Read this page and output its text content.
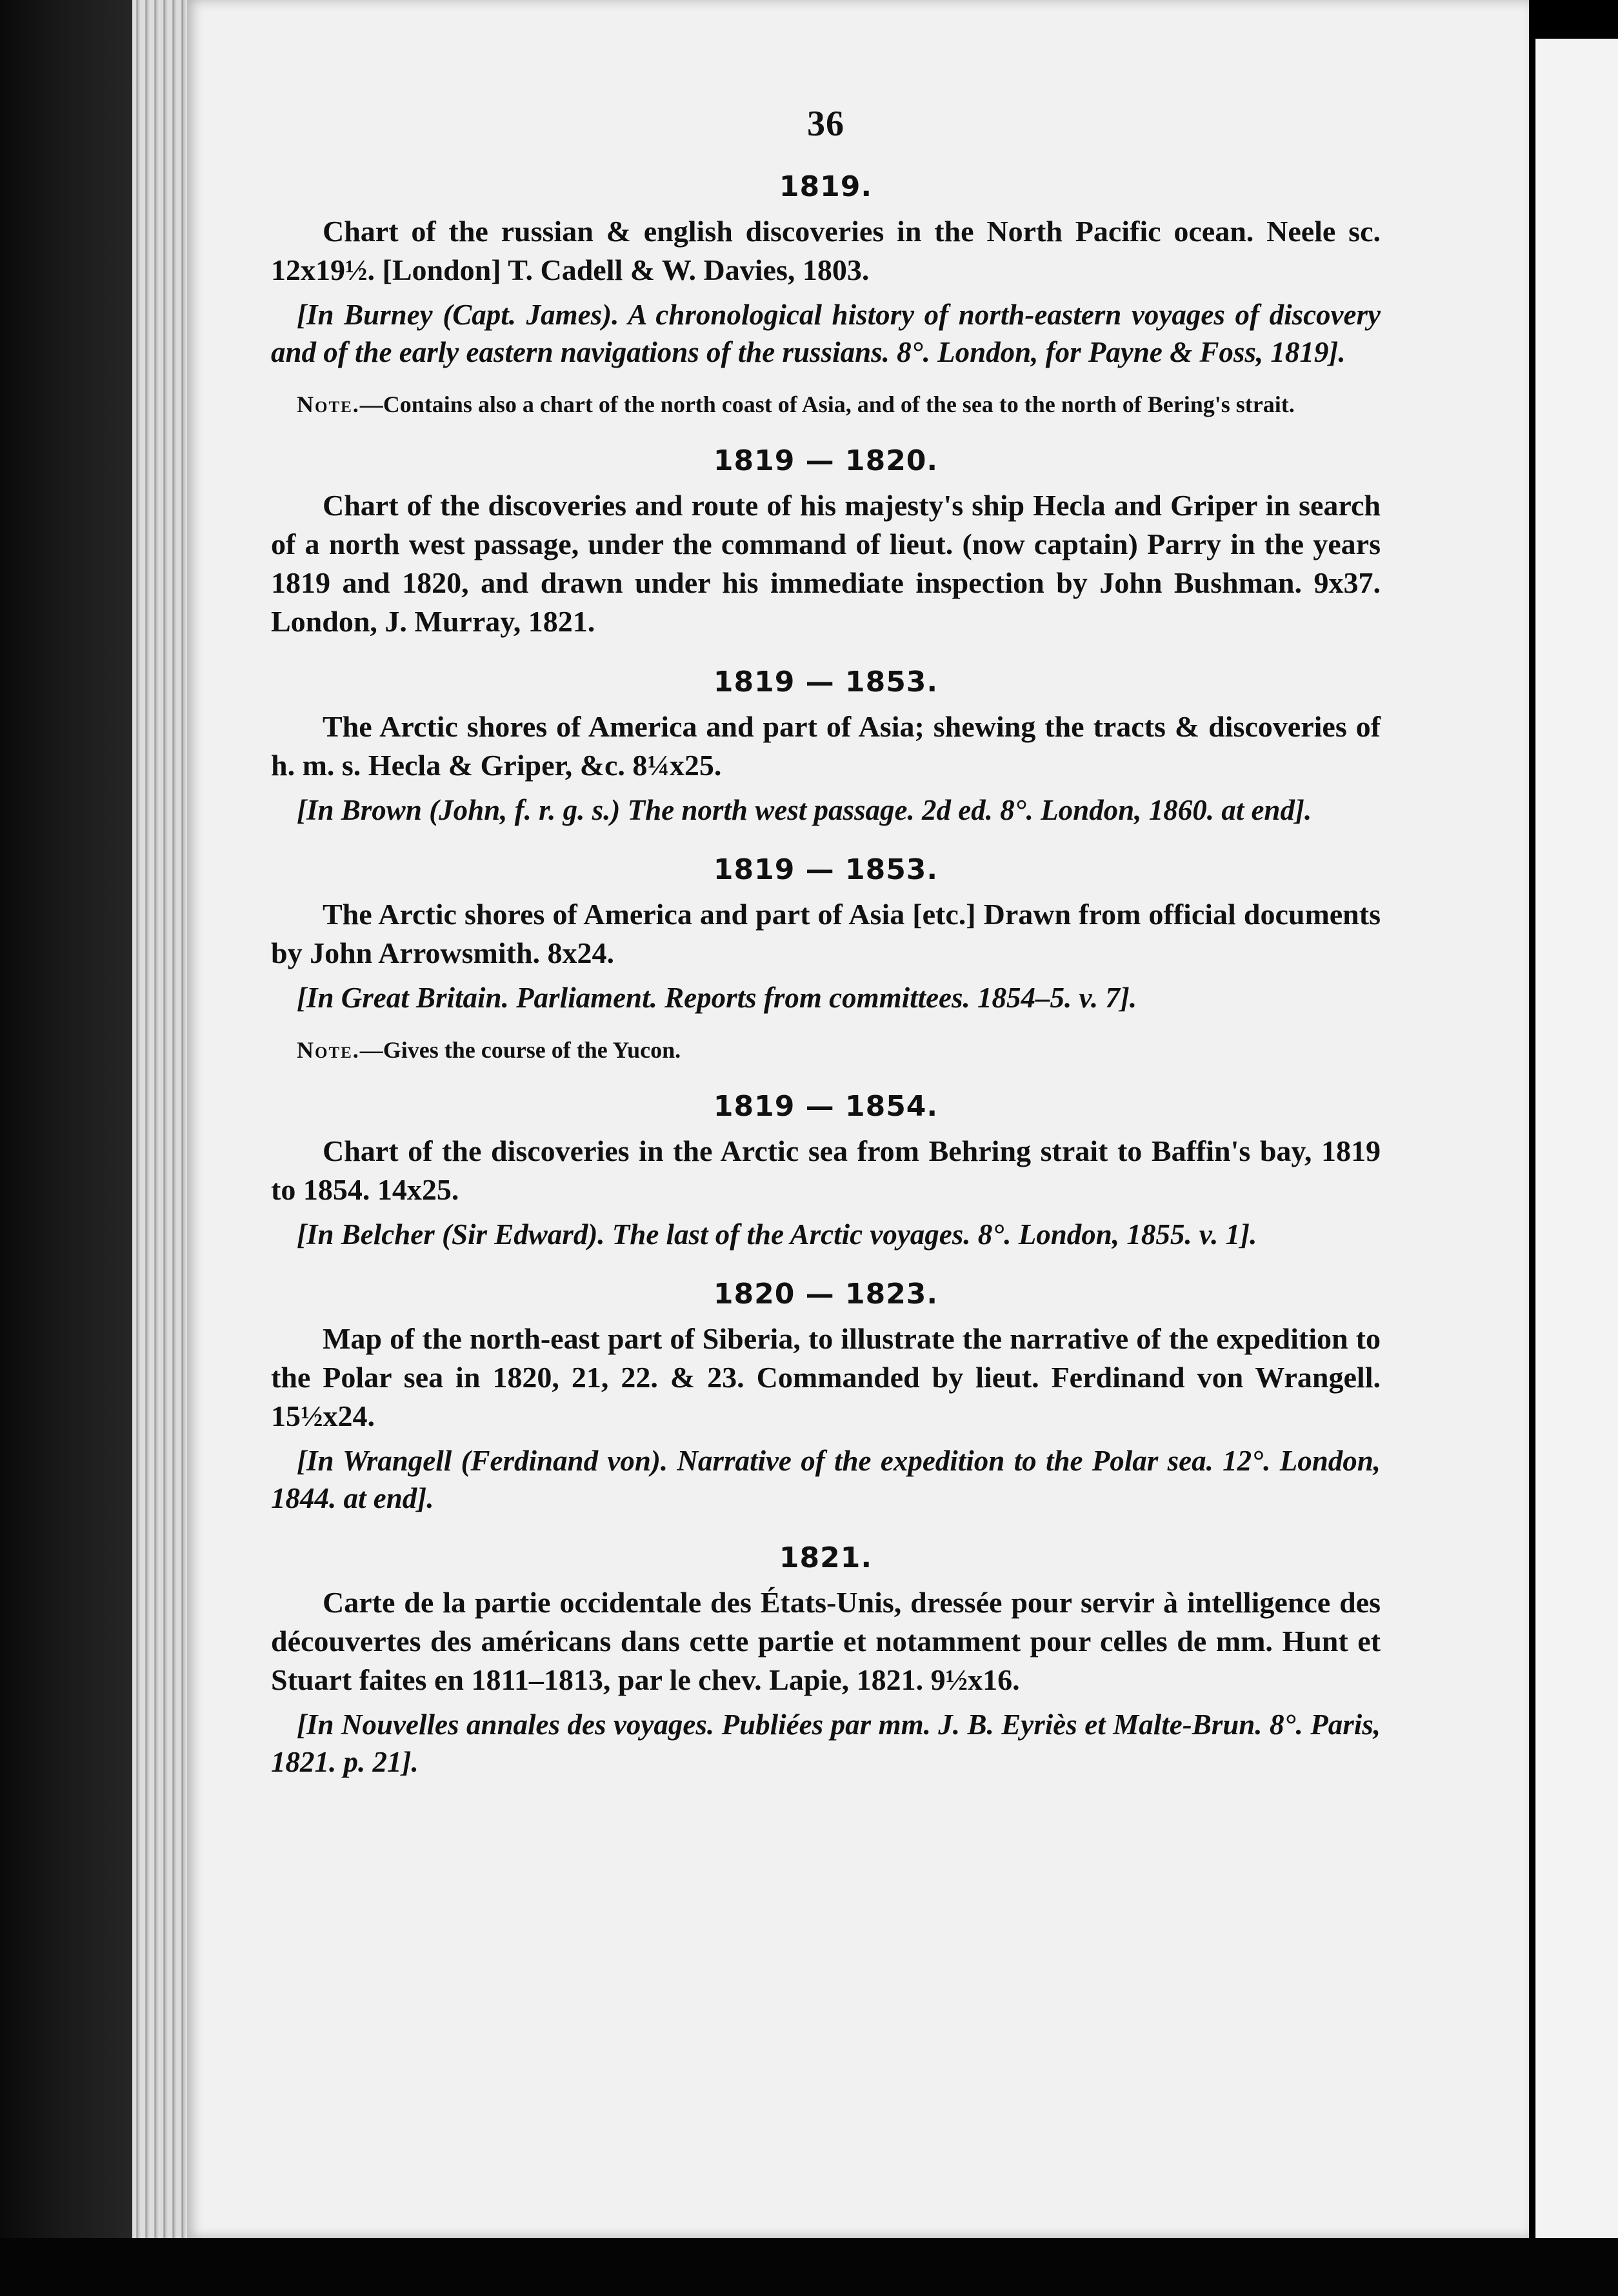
36
1819.

Chart of the russian & english discoveries in the North Pacific ocean. Neele sc. 12x19½. [London] T. Cadell & W. Davies, 1803.

[In Burney (Capt. James). A chronological history of north-eastern voyages of discovery and of the early eastern navigations of the russians. 8°. London, for Payne & Foss, 1819].

Note.—Contains also a chart of the north coast of Asia, and of the sea to the north of Bering's strait.

1819 — 1820.

Chart of the discoveries and route of his majesty's ship Hecla and Griper in search of a north west passage, under the command of lieut. (now captain) Parry in the years 1819 and 1820, and drawn under his immediate inspection by John Bushman. 9x37. London, J. Murray, 1821.

1819 — 1853.

The Arctic shores of America and part of Asia; shewing the tracts & discoveries of h. m. s. Hecla & Griper, &c. 8¼x25.

[In Brown (John, f. r. g. s.) The north west passage. 2d ed. 8°. London, 1860. at end].

1819 — 1853.

The Arctic shores of America and part of Asia [etc.] Drawn from official documents by John Arrowsmith. 8x24.

[In Great Britain. Parliament. Reports from committees. 1854–5. v. 7].

Note.—Gives the course of the Yucon.

1819 — 1854.

Chart of the discoveries in the Arctic sea from Behring strait to Baffin's bay, 1819 to 1854. 14x25.

[In Belcher (Sir Edward). The last of the Arctic voyages. 8°. London, 1855. v. 1].

1820 — 1823.

Map of the north-east part of Siberia, to illustrate the narrative of the expedition to the Polar sea in 1820, 21, 22. & 23. Commanded by lieut. Ferdinand von Wrangell. 15½x24.

[In Wrangell (Ferdinand von). Narrative of the expedition to the Polar sea. 12°. London, 1844. at end].

1821.

Carte de la partie occidentale des États-Unis, dressée pour servir à intelligence des découvertes des américans dans cette partie et notamment pour celles de mm. Hunt et Stuart faites en 1811–1813, par le chev. Lapie, 1821. 9½x16.

[In Nouvelles annales des voyages. Publiées par mm. J. B. Eyriès et Malte-Brun. 8°. Paris, 1821. p. 21].
